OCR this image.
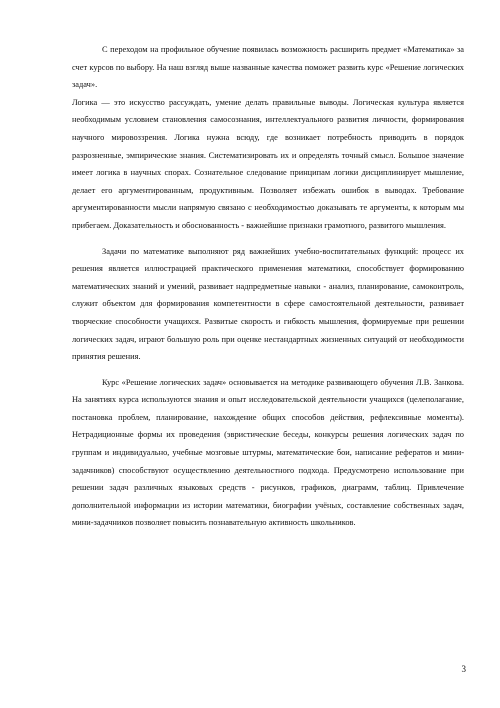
С переходом на профильное обучение появилась возможность расширить предмет «Математика» за счет курсов по выбору. На наш взгляд выше названные качества поможет развить курс «Решение логических задач».

Логика — это искусство рассуждать, умение делать правильные выводы. Логическая культура является необходимым условием становления самосознания, интеллектуального развития личности, формирования научного мировоззрения. Логика нужна всюду, где возникает потребность приводить в порядок разрозненные, эмпирические знания. Систематизировать их и определять точный смысл. Большое значение имеет логика в научных спорах. Сознательное следование принципам логики дисциплинирует мышление, делает его аргументированным, продуктивным. Позволяет избежать ошибок в выводах. Требование аргументированности мысли напрямую связано с необходимостью доказывать те аргументы, к которым мы прибегаем. Доказательность и обоснованность - важнейшие признаки грамотного, развитого мышления.

Задачи по математике выполняют ряд важнейших учебно-воспитательных функций: процесс их решения является иллюстрацией практического применения математики, способствует формированию математических знаний и умений, развивает надпредметные навыки - анализ, планирование, самоконтроль, служит объектом для формирования компетентности в сфере самостоятельной деятельности, развивает творческие способности учащихся. Развитые скорость и гибкость мышления, формируемые при решении логических задач, играют большую роль при оценке нестандартных жизненных ситуаций от необходимости принятия решения.

Курс «Решение логических задач» основывается на методике развивающего обучения Л.В. Занкова. На занятиях курса используются знания и опыт исследовательской деятельности учащихся (целеполагание, постановка проблем, планирование, нахождение общих способов действия, рефлексивные моменты). Нетрадиционные формы их проведения (эвристические беседы, конкурсы решения логических задач по группам и индивидуально, учебные мозговые штурмы, математические бои, написание рефератов и мини-задачников) способствуют осуществлению деятельностного подхода. Предусмотрено использование при решении задач различных языковых средств - рисунков, графиков, диаграмм, таблиц. Привлечение дополнительной информации из истории математики, биографии учёных, составление собственных задач, мини-задачников позволяет повысить познавательную активность школьников.

3
